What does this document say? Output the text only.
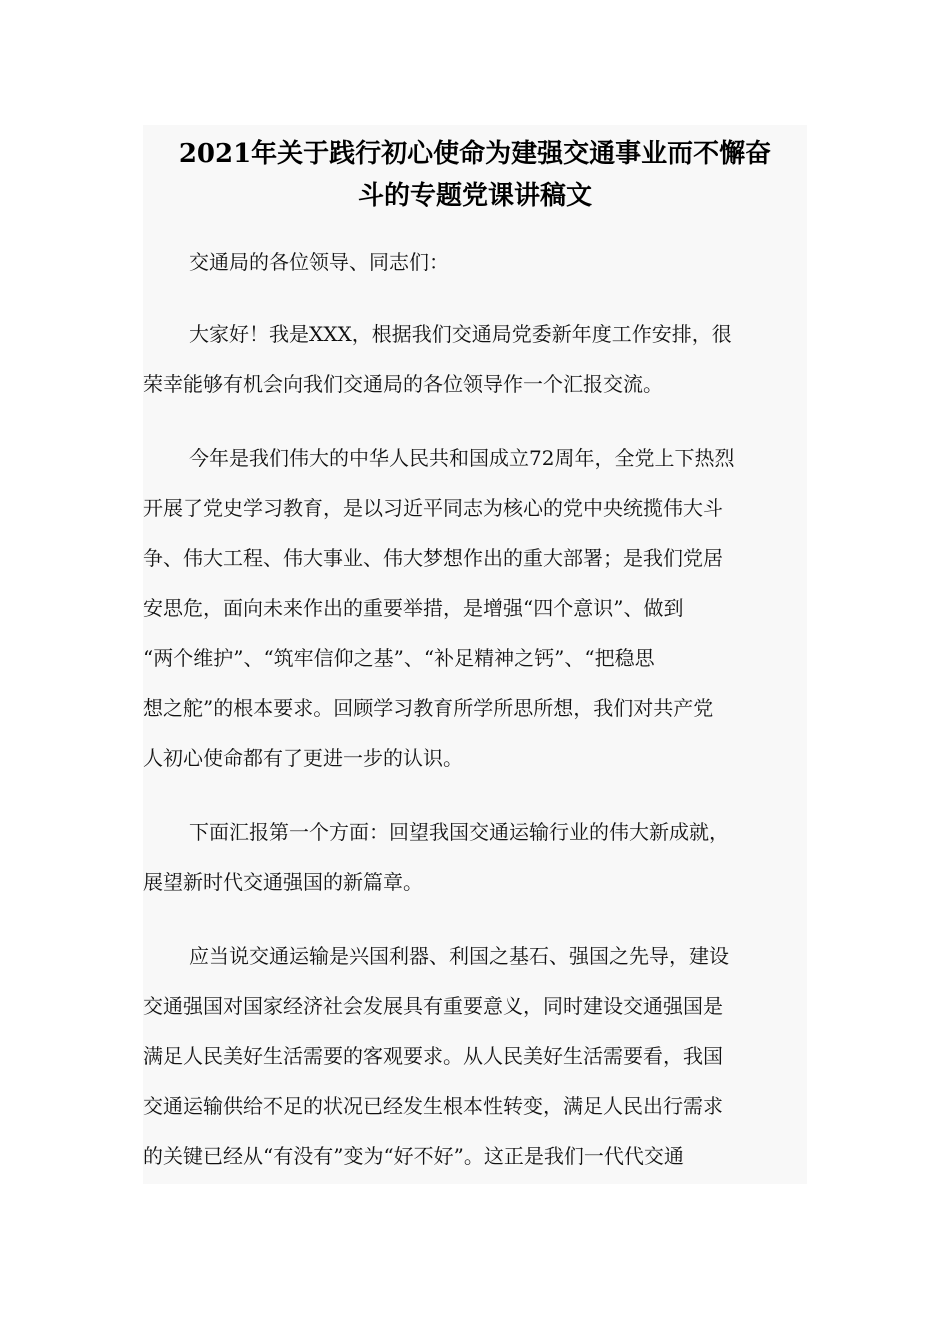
2021年关于践行初心使命为建强交通事业而不懈奋
斗的专题党课讲稿文

交通局的各位领导、同志们：

大家好！我是XXX，根据我们交通局党委新年度工作安排，很
荣幸能够有机会向我们交通局的各位领导作一个汇报交流。

今年是我们伟大的中华人民共和国成立72周年，全党上下热烈
开展了党史学习教育，是以习近平同志为核心的党中央统揽伟大斗
争、伟大工程、伟大事业、伟大梦想作出的重大部署；是我们党居
安思危，面向未来作出的重要举措，是增强“四个意识”、做到
“两个维护”、“筑牢信仰之基”、“补足精神之钙”、“把稳思
想之舵”的根本要求。回顾学习教育所学所思所想，我们对共产党
人初心使命都有了更进一步的认识。

下面汇报第一个方面：回望我国交通运输行业的伟大新成就，
展望新时代交通强国的新篇章。

应当说交通运输是兴国利器、利国之基石、强国之先导，建设
交通强国对国家经济社会发展具有重要意义，同时建设交通强国是
满足人民美好生活需要的客观要求。从人民美好生活需要看，我国
交通运输供给不足的状况已经发生根本性转变，满足人民出行需求
的关键已经从“有没有”变为“好不好”。这正是我们一代代交通
